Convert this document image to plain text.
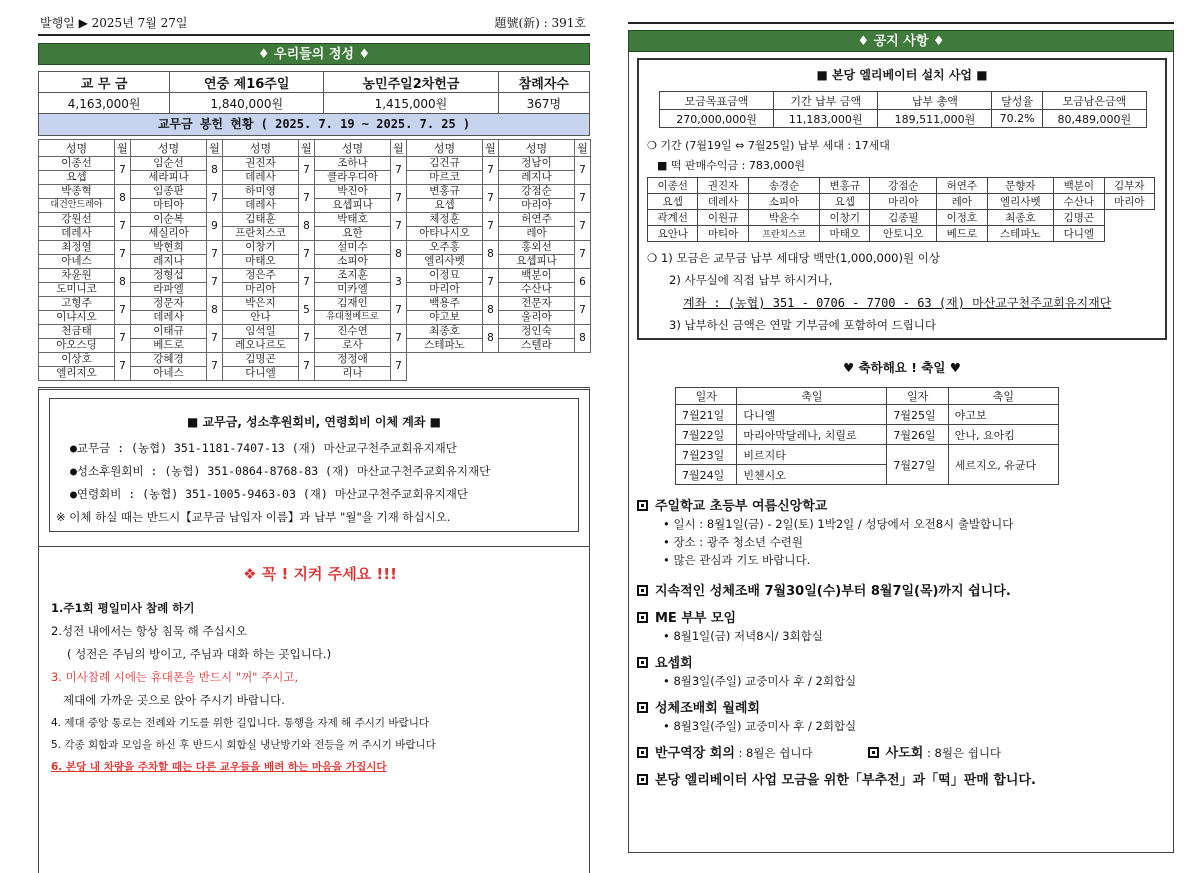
발행일 ▶ 2025년 7월 27일	題號(新) : 391호
♦ 우리들의 정성 ♦
교 무 금	연중 제16주일	농민주일2차헌금	참례자수
4,163,000원	1,840,000원	1,415,000원	367명
교무금 봉헌 현황 ( 2025. 7. 19 ~ 2025. 7. 25 )
성명	월	성명	월	성명	월	성명	월	성명	월	성명	월
이종선	7	임순선	8	권진자	7	조하나	7	김건규	7	정남이	7
요셉		세라피나		데레사		클라우디아		마르코		레지나	
박종혁	8	임종판	7	하미영	7	박진아	7	변홍규	7	강점순	7
대건안드레아		마티아		데레사		요셉피나		요셉		마리아	
강원선	7	이순복	9	김태훈	8	박태호	7	체정훈	7	허연주	7
데레사		세실리아		프란치스코		요한		아타나시오		레아	
최정열	7	박현희	7	이창기	7	설미수	8	오주홍	8	홍외선	7
아네스		레지나		마태오		소피아		엘리사벳		요셉피나	
차윤원	8	정형섭	7	정은주	7	조지훈	3	이정묘	7	백분이	6
도미니코		라파엘		마리아		미카엘		마리아		수산나	
고형주	7	정문자	8	박은지	5	김재인	7	백용주	8	전문자	7
이냐시오		데레사		안나		유대철베드로		야고보		울리아	
천금태	7	이태규	7	임석일	7	진수연	7	최종호	8	정인숙	8
아오스딩		베드로		레오나르도		로사		스테파노		스텔라	
이상호	7	강혜경	7	김명곤	7	정정애	7				
엘리지오		아네스		다니엘		리나					
■ 교무금, 성소후원회비, 연령회비 이체 계좌 ■
●교무금 : (농협) 351-1181-7407-13 (재) 마산교구천주교회유지재단
●성소후원회비 : (농협) 351-0864-8768-83 (재) 마산교구천주교회유지재단
●연령회비 : (농협) 351-1005-9463-03 (재) 마산교구천주교회유지재단
※ 이체 하실 때는 반드시【교무금 납입자 이름】과 납부 "월"을 기재 하십시오.
❖ 꼭 ! 지켜 주세요 !!!
1.주1회 평일미사 참례 하기
2.성전 내에서는 항상 침묵 해 주십시오
( 성전은 주님의 방이고, 주님과 대화 하는 곳입니다.)
3. 미사참례 시에는 휴대폰을 반드시 "꺼" 주시고,
제대에 가까운 곳으로 앉아 주시기 바랍니다.
4. 제대 중앙 통로는 전례와 기도를 위한 길입니다. 통행을 자제 해 주시기 바랍니다
5. 각종 회합과 모임을 하신 후 반드시 회합실 냉난방기와 전등을 꺼 주시기 바랍니다
6. 본당 내 차량을 주차할 때는 다른 교우들을 배려 하는 마음을 가집시다
♦ 공지 사항 ♦
■ 본당 엘리베이터 설치 사업 ■
모금목표금액	기간 납부 금액	납부 총액	달성율	모금남은금액
270,000,000원	11,183,000원	189,511,000원	70.2%	80,489,000원
❍ 기간 (7월19일 ⇔ 7월25일) 납부 세대 : 17세대
■ 떡 판매수익금 : 783,000원
이종선	권진자	송경순	변홍규	강점순	허연주	문향자	백분이	김부자
요셉	데레사	소피아	요셉	마리아	레아	엘리사벳	수산나	마리아
곽계선	이원규	박윤수	이창기	김종필	이정호	최종호	김명곤	
요안나	마티아	프란치스코	마태오	안토니오	베드로	스테파노	다니엘	
❍ 1) 모금은 교무금 납부 세대당 백만(1,000,000)원 이상
2) 사무실에 직접 납부 하시거나,
계좌 : (농협) 351 - 0706 - 7700 - 63 (재) 마산교구천주교회유지재단
3) 납부하신 금액은 연말 기부금에 포함하여 드립니다
♥ 축하해요 ! 축일 ♥
일자	축일	일자	축일
7월21일	다니엘	7월25일	야고보
7월22일	마리아막달레나, 치릴로	7월26일	안나, 요아킴
7월23일	비르지타	7월27일	세르지오, 유균다
7월24일	빈첸시오		
주일학교 초등부 여름신앙학교
• 일시 : 8월1일(금) - 2일(토) 1박2일 / 성당에서 오전8시 출발합니다
• 장소 : 광주 청소년 수련원
• 많은 관심과 기도 바랍니다.
지속적인 성체조배 7월30일(수)부터 8월7일(목)까지 쉽니다.
ME 부부 모임
• 8월1일(금) 저녁8시/ 3회합실
요셉회
• 8월3일(주일) 교중미사 후 / 2회합실
성체조배회 월례회
• 8월3일(주일) 교중미사 후 / 2회합실
반구역장 회의 : 8월은 쉽니다	사도회 : 8월은 쉽니다
본당 엘리베이터 사업 모금을 위한「부추전」과「떡」판매 합니다.
